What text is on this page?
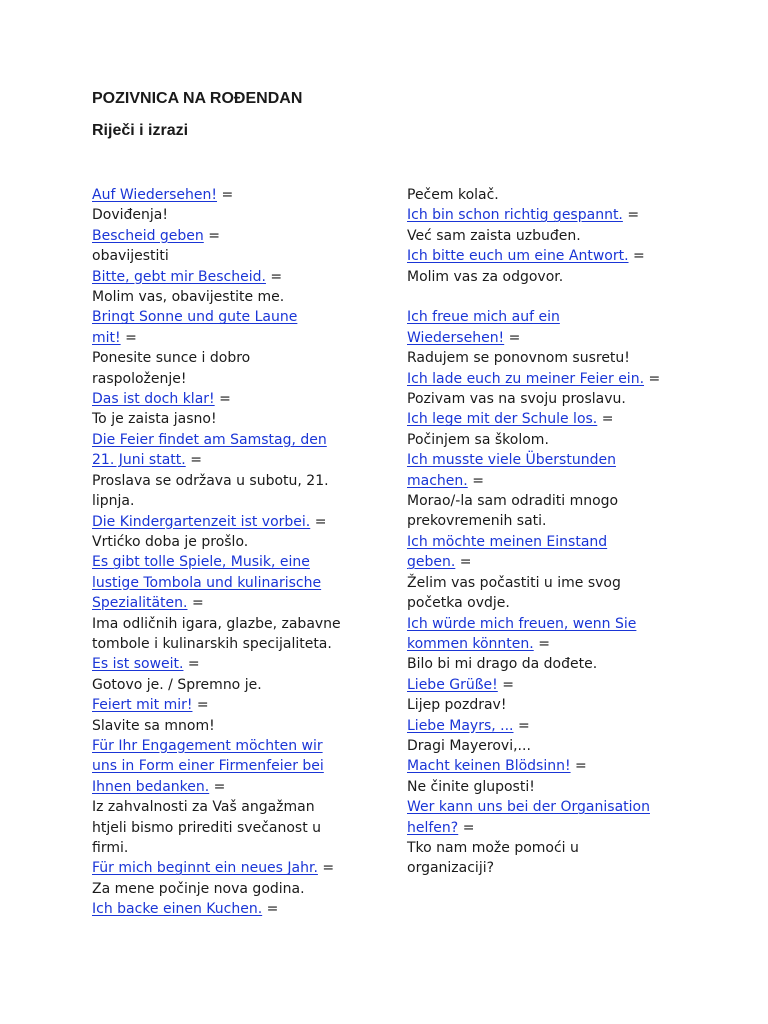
POZIVNICA NA ROĐENDAN
Riječi i izrazi
Auf Wiedersehen! =
Doviđenja!
Bescheid geben =
obavijestiti
Bitte, gebt mir Bescheid. =
Molim vas, obavijestite me.
Bringt Sonne und gute Laune
mit! =
Ponesite sunce i dobro
raspoloženje!
Das ist doch klar! =
To je zaista jasno!
Die Feier findet am Samstag, den
21. Juni statt. =
Proslava se održava u subotu, 21.
lipnja.
Die Kindergartenzeit ist vorbei. =
Vrtićko doba je prošlo.
Es gibt tolle Spiele, Musik, eine
lustige Tombola und kulinarische
Spezialitäten. =
Ima odličnih igara, glazbe, zabavne
tombole i kulinarskih specijaliteta.
Es ist soweit. =
Gotovo je. / Spremno je.
Feiert mit mir! =
Slavite sa mnom!
Für Ihr Engagement möchten wir
uns in Form einer Firmenfeier bei
Ihnen bedanken. =
Iz zahvalnosti za Vaš angažman
htjeli bismo prirediti svečanost u
firmi.
Für mich beginnt ein neues Jahr. =
Za mene počinje nova godina.
Ich backe einen Kuchen. =
Pečem kolač.
Ich bin schon richtig gespannt. =
Već sam zaista uzbuđen.
Ich bitte euch um eine Antwort. =
Molim vas za odgovor.
Ich freue mich auf ein
Wiedersehen! =
Radujem se ponovnom susretu!
Ich lade euch zu meiner Feier ein. =
Pozivam vas na svoju proslavu.
Ich lege mit der Schule los. =
Počinjem sa školom.
Ich musste viele Überstunden
machen. =
Morao/-la sam odraditi mnogo
prekovremenih sati.
Ich möchte meinen Einstand
geben. =
Želim vas počastiti u ime svog
početka ovdje.
Ich würde mich freuen, wenn Sie
kommen könnten. =
Bilo bi mi drago da dođete.
Liebe Grüße! =
Lijep pozdrav!
Liebe Mayrs, ... =
Dragi Mayerovi,...
Macht keinen Blödsinn! =
Ne činite gluposti!
Wer kann uns bei der Organisation
helfen? =
Tko nam može pomoći u
organizaciji?
